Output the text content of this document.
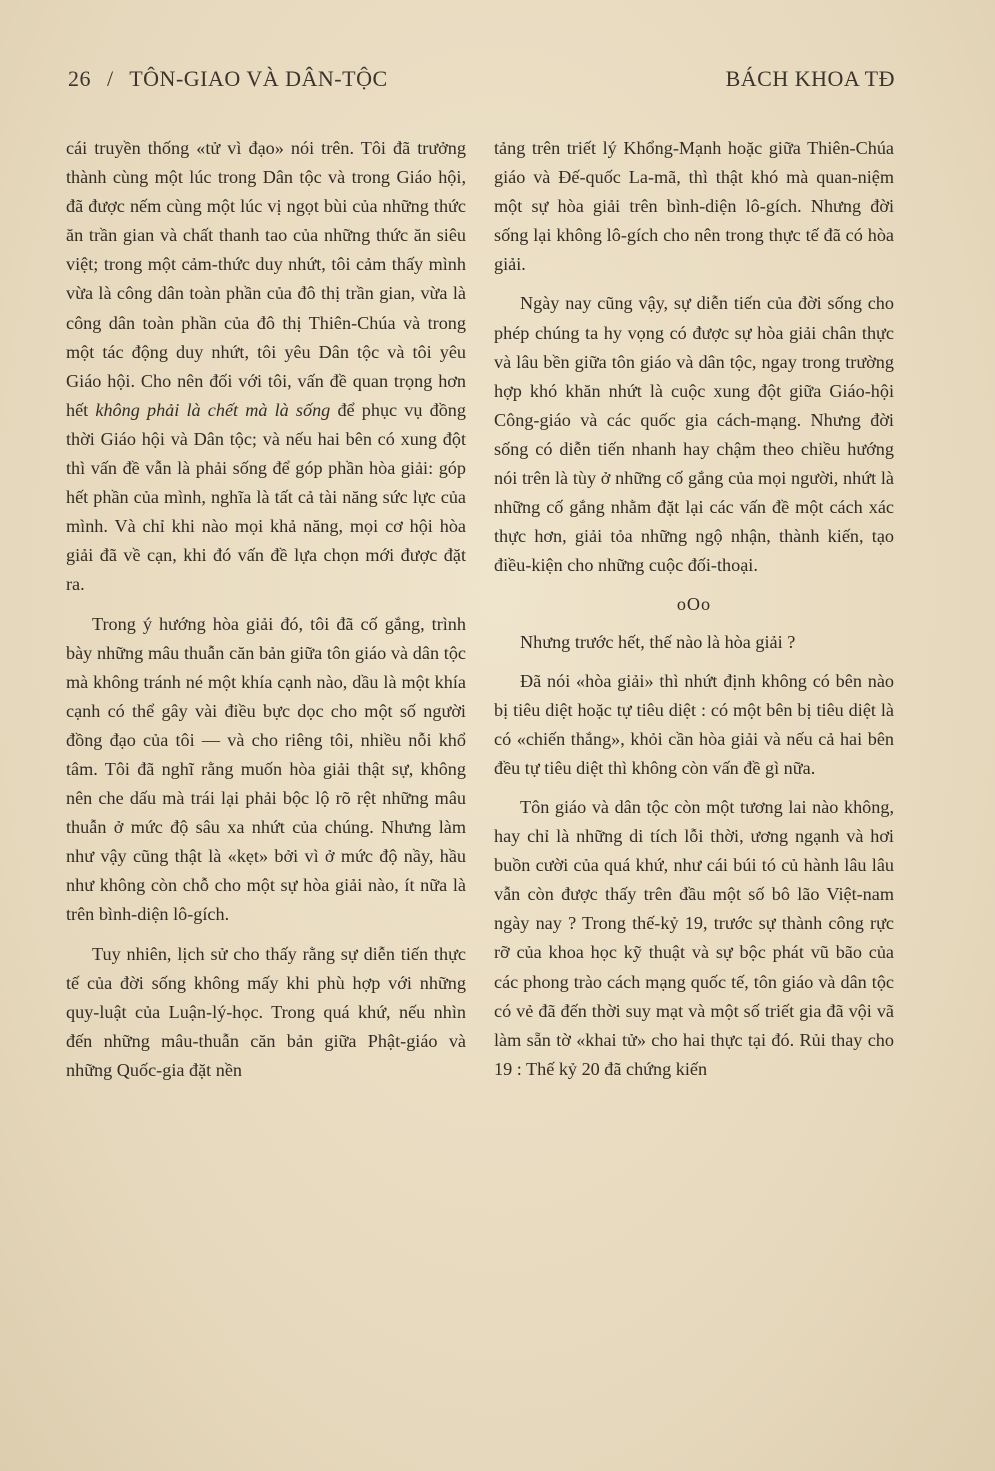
26 / TÔN-GIAO VÀ DÂN-TỘC	BÁCH KHOA TĐ

cái truyền thống «tử vì đạo» nói trên. Tôi đã trưởng thành cùng một lúc trong Dân tộc và trong Giáo hội, đã được nếm cùng một lúc vị ngọt bùi của những thức ăn trần gian và chất thanh tao của những thức ăn siêu việt; trong một cảm-thức duy nhứt, tôi cảm thấy mình vừa là công dân toàn phần của đô thị trần gian, vừa là công dân toàn phần của đô thị Thiên-Chúa và trong một tác động duy nhứt, tôi yêu Dân tộc và tôi yêu Giáo hội. Cho nên đối với tôi, vấn đề quan trọng hơn hết không phải là chết mà là sống để phục vụ đồng thời Giáo hội và Dân tộc; và nếu hai bên có xung đột thì vấn đề vẫn là phải sống để góp phần hòa giải: góp hết phần của mình, nghĩa là tất cả tài năng sức lực của mình. Và chỉ khi nào mọi khả năng, mọi cơ hội hòa giải đã về cạn, khi đó vấn đề lựa chọn mới được đặt ra.

Trong ý hướng hòa giải đó, tôi đã cố gắng, trình bày những mâu thuẫn căn bản giữa tôn giáo và dân tộc mà không tránh né một khía cạnh nào, dầu là một khía cạnh có thể gây vài điều bực dọc cho một số người đồng đạo của tôi — và cho riêng tôi, nhiều nỗi khổ tâm. Tôi đã nghĩ rằng muốn hòa giải thật sự, không nên che dấu mà trái lại phải bộc lộ rõ rệt những mâu thuẫn ở mức độ sâu xa nhứt của chúng. Nhưng làm như vậy cũng thật là «kẹt» bởi vì ở mức độ nầy, hầu như không còn chỗ cho một sự hòa giải nào, ít nữa là trên bình-diện lô-gích.

Tuy nhiên, lịch sử cho thấy rằng sự diễn tiến thực tế của đời sống không mấy khi phù hợp với những quy-luật của Luận-lý-học. Trong quá khứ, nếu nhìn đến những mâu-thuẫn căn bản giữa Phật-giáo và những Quốc-gia đặt nền

tảng trên triết lý Khổng-Mạnh hoặc giữa Thiên-Chúa giáo và Đế-quốc La-mã, thì thật khó mà quan-niệm một sự hòa giải trên bình-diện lô-gích. Nhưng đời sống lại không lô-gích cho nên trong thực tế đã có hòa giải.

Ngày nay cũng vậy, sự diễn tiến của đời sống cho phép chúng ta hy vọng có được sự hòa giải chân thực và lâu bền giữa tôn giáo và dân tộc, ngay trong trường hợp khó khăn nhứt là cuộc xung đột giữa Giáo-hội Công-giáo và các quốc gia cách-mạng. Nhưng đời sống có diễn tiến nhanh hay chậm theo chiều hướng nói trên là tùy ở những cố gắng của mọi người, nhứt là những cố gắng nhằm đặt lại các vấn đề một cách xác thực hơn, giải tỏa những ngộ nhận, thành kiến, tạo điều-kiện cho những cuộc đối-thoại.

oOo

Nhưng trước hết, thế nào là hòa giải ?

Đã nói «hòa giải» thì nhứt định không có bên nào bị tiêu diệt hoặc tự tiêu diệt : có một bên bị tiêu diệt là có «chiến thắng», khỏi cần hòa giải và nếu cả hai bên đều tự tiêu diệt thì không còn vấn đề gì nữa.

Tôn giáo và dân tộc còn một tương lai nào không, hay chỉ là những di tích lỗi thời, ương ngạnh và hơi buồn cười của quá khứ, như cái búi tó củ hành lâu lâu vẫn còn được thấy trên đầu một số bô lão Việt-nam ngày nay ? Trong thế-kỷ 19, trước sự thành công rực rỡ của khoa học kỹ thuật và sự bộc phát vũ bão của các phong trào cách mạng quốc tế, tôn giáo và dân tộc có vẻ đã đến thời suy mạt và một số triết gia đã vội vã làm sẵn tờ «khai tử» cho hai thực tại đó. Rủi thay cho 19 : Thế kỷ 20 đã chứng kiến
